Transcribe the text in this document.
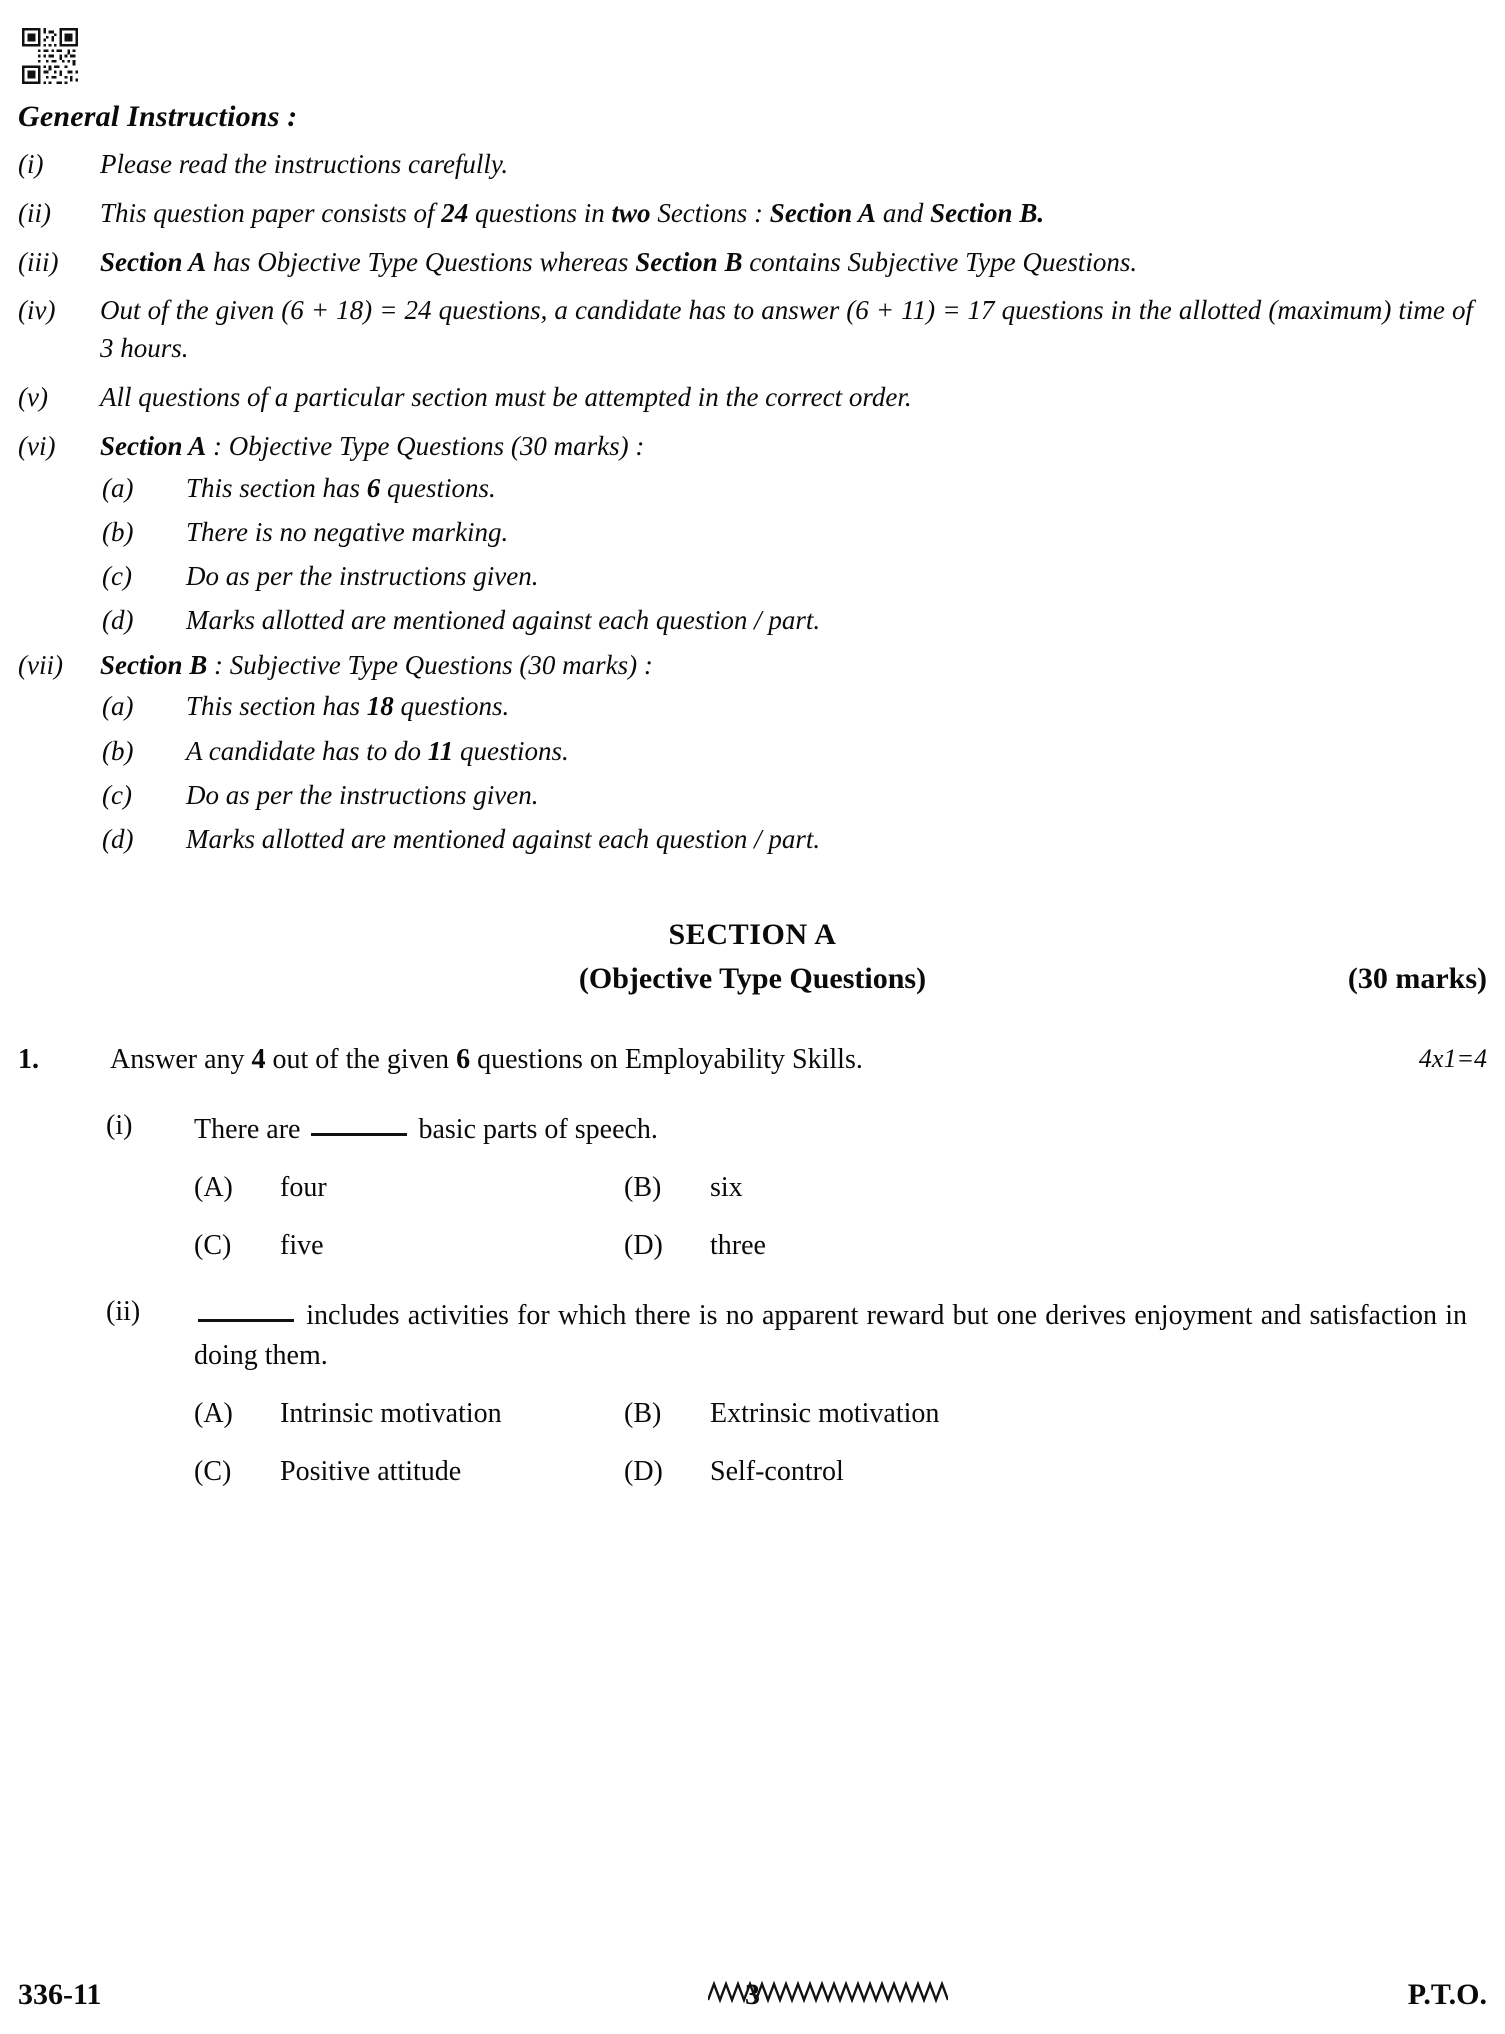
General Instructions :
(i)	Please read the instructions carefully.
(ii)	This question paper consists of 24 questions in two Sections : Section A and Section B.
(iii)	Section A has Objective Type Questions whereas Section B contains Subjective Type Questions.
(iv)	Out of the given (6 + 18) = 24 questions, a candidate has to answer (6 + 11) = 17 questions in the allotted (maximum) time of 3 hours.
(v)	All questions of a particular section must be attempted in the correct order.
(vi)	Section A : Objective Type Questions (30 marks) :
(a)	This section has 6 questions.
(b)	There is no negative marking.
(c)	Do as per the instructions given.
(d)	Marks allotted are mentioned against each question / part.
(vii)	Section B : Subjective Type Questions (30 marks) :
(a)	This section has 18 questions.
(b)	A candidate has to do 11 questions.
(c)	Do as per the instructions given.
(d)	Marks allotted are mentioned against each question / part.
SECTION A
(Objective Type Questions)	(30 marks)
1.	Answer any 4 out of the given 6 questions on Employability Skills.	4x1=4
(i)	There are	basic parts of speech.
(A)	four	(B)	six
(C)	five	(D)	three
(ii)	includes activities for which there is no apparent reward but one derives enjoyment and satisfaction in doing them.
(A)	Intrinsic motivation	(B)	Extrinsic motivation
(C)	Positive attitude	(D)	Self-control
336-11	3	P.T.O.
